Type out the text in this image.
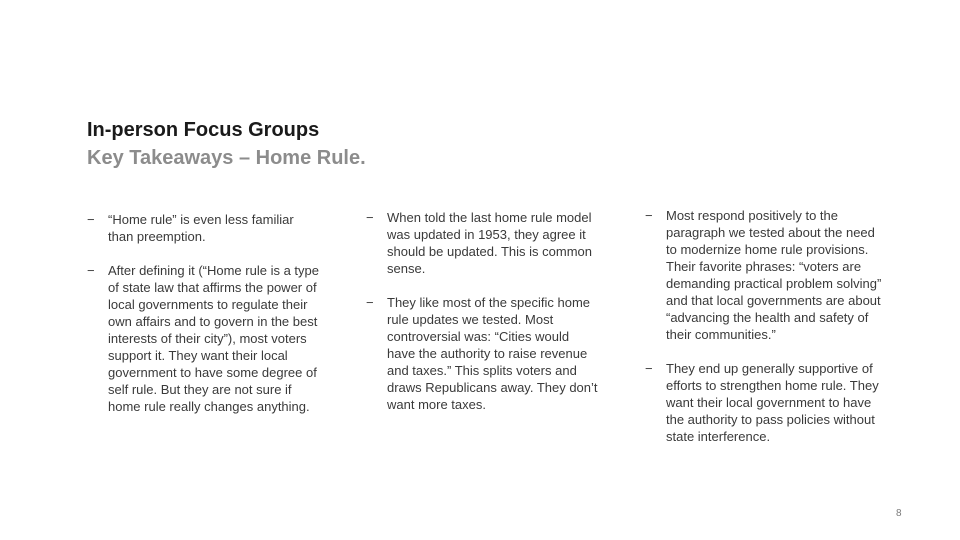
In-person Focus Groups
Key Takeaways – Home Rule.
− “Home rule” is even less familiar than preemption.
− After defining it (“Home rule is a type of state law that affirms the power of local governments to regulate their own affairs and to govern in the best interests of their city”), most voters support it. They want their local government to have some degree of self rule. But they are not sure if home rule really changes anything.
− When told the last home rule model was updated in 1953, they agree it should be updated. This is common sense.
− They like most of the specific home rule updates we tested. Most controversial was: “Cities would have the authority to raise revenue and taxes.” This splits voters and draws Republicans away. They don’t want more taxes.
− Most respond positively to the paragraph we tested about the need to modernize home rule provisions. Their favorite phrases: “voters are demanding practical problem solving” and that local governments are about “advancing the health and safety of their communities.”
− They end up generally supportive of efforts to strengthen home rule. They want their local government to have the authority to pass policies without state interference.
8
